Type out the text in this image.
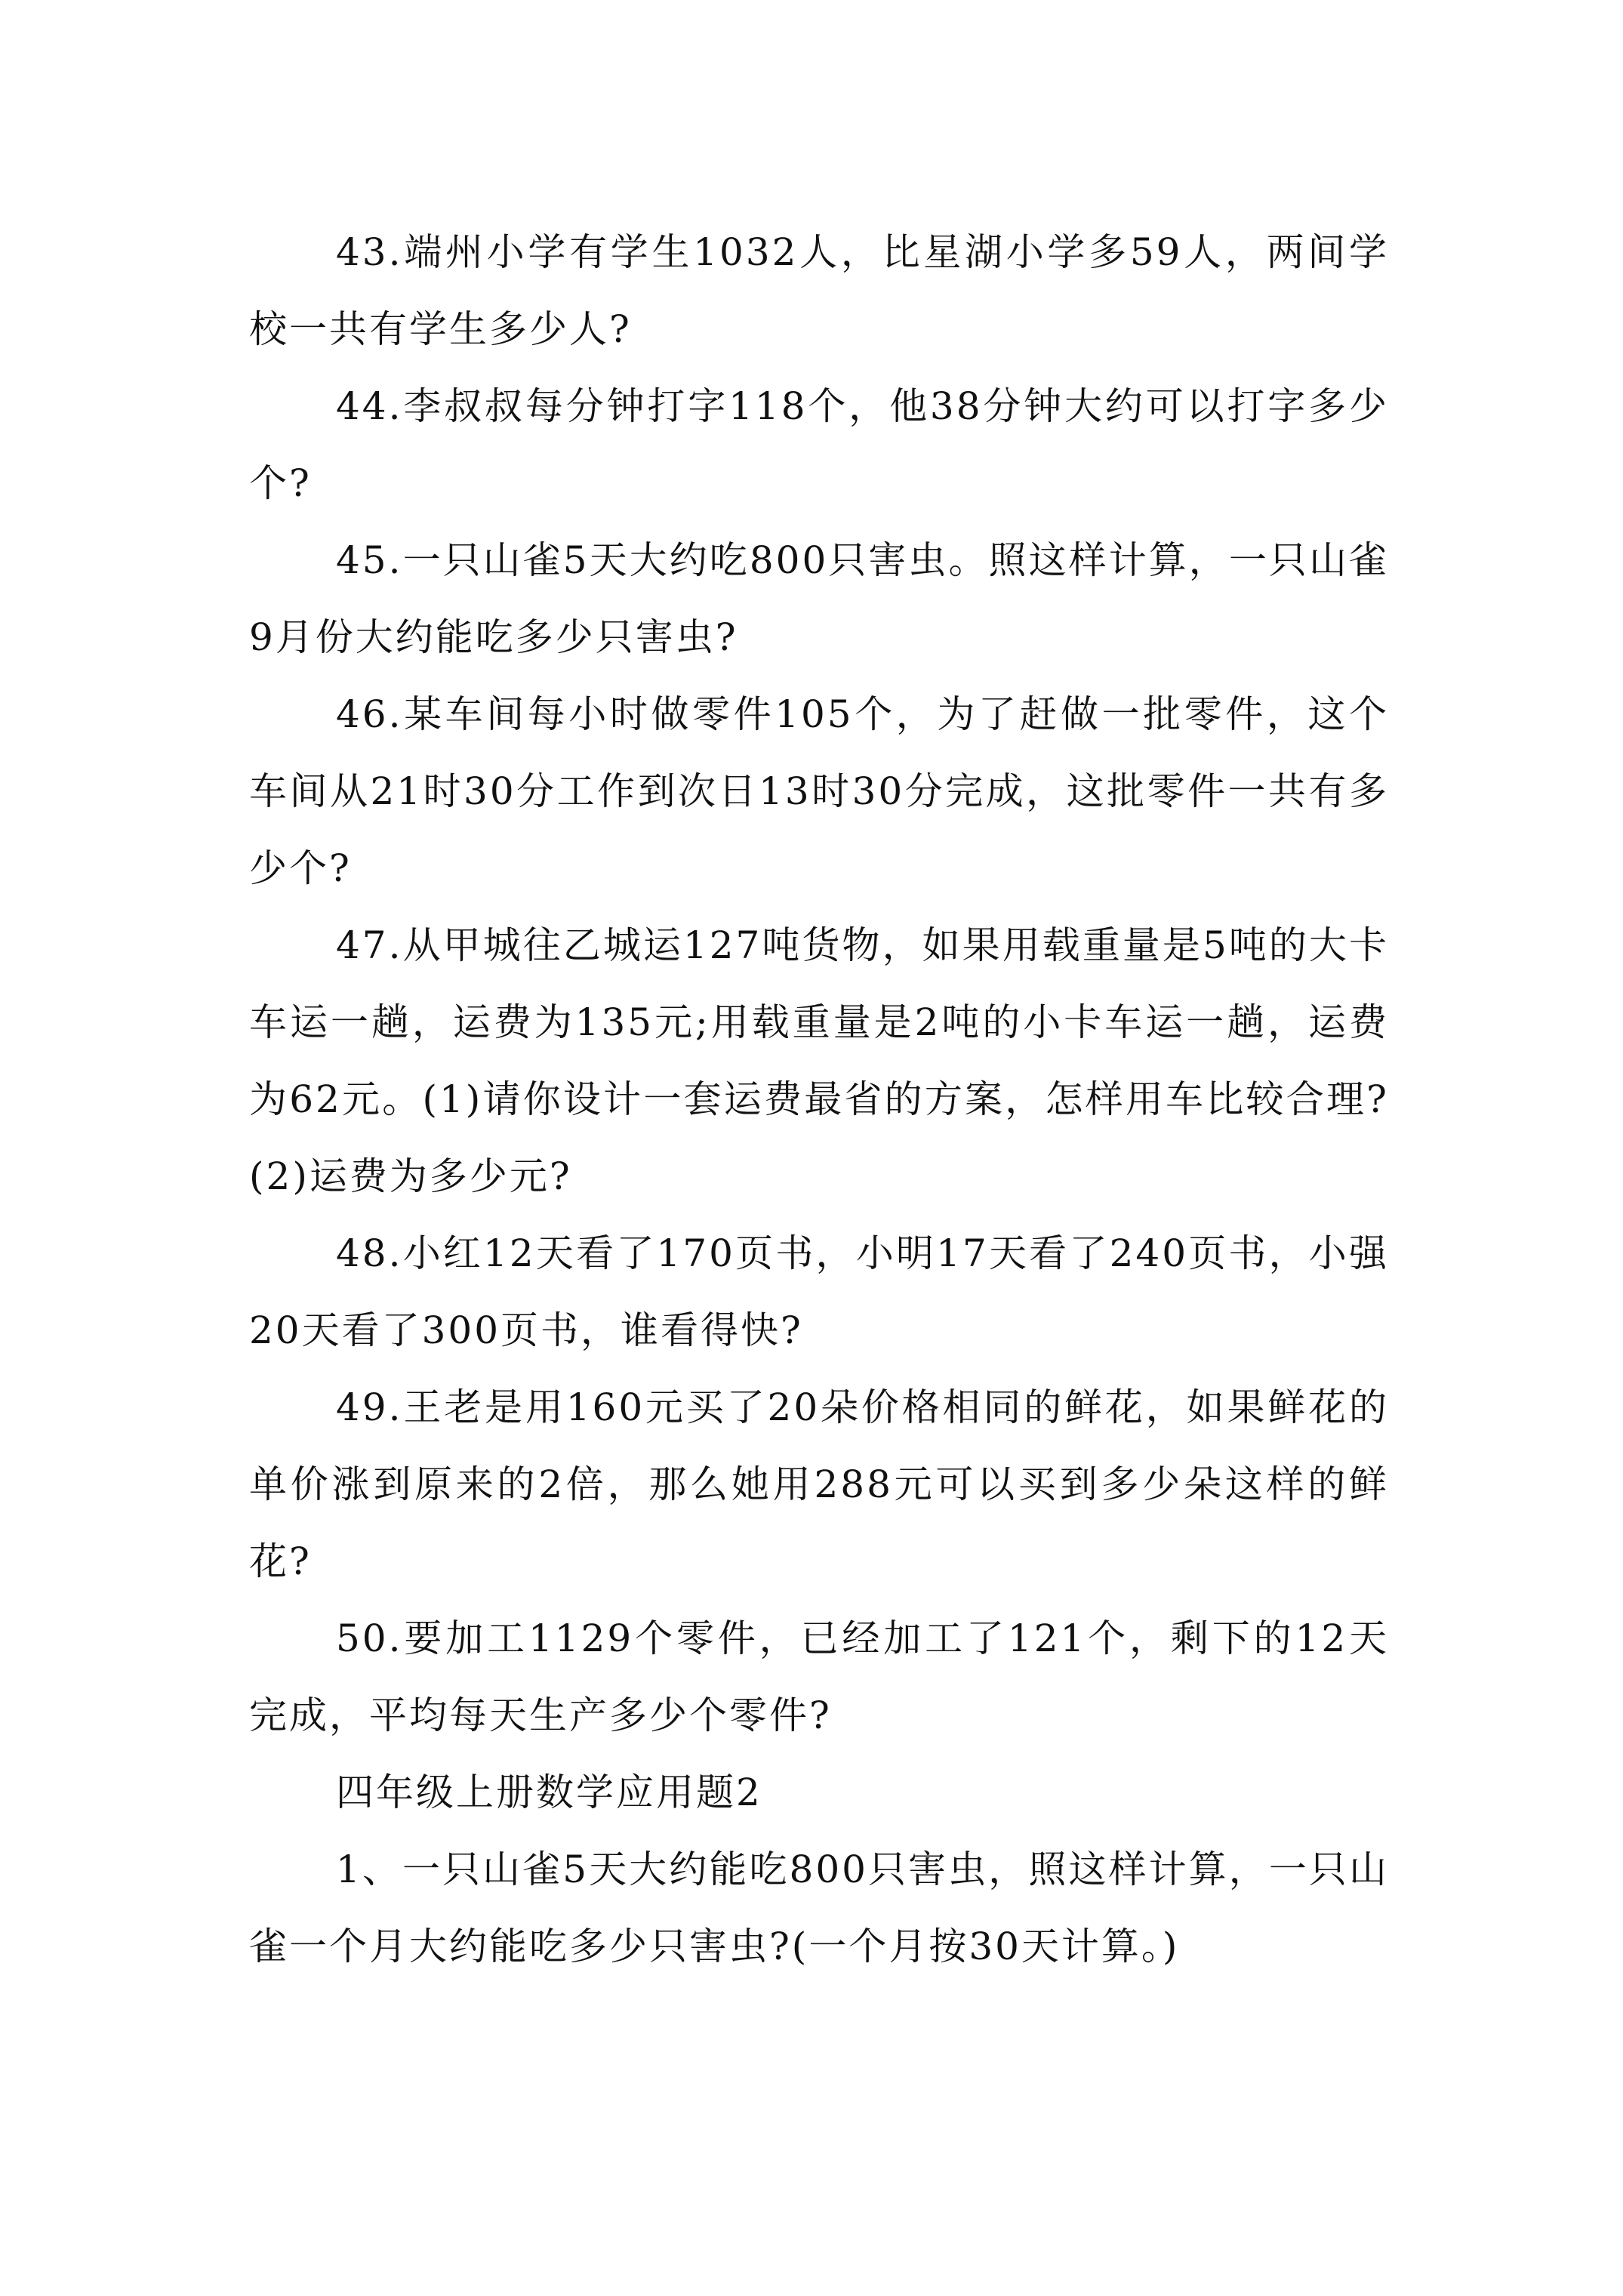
43.端州小学有学生1032人，比星湖小学多59人，两间学校一共有学生多少人?

44.李叔叔每分钟打字118个，他38分钟大约可以打字多少个?

45.一只山雀5天大约吃800只害虫。照这样计算，一只山雀9月份大约能吃多少只害虫?

46.某车间每小时做零件105个，为了赶做一批零件，这个车间从21时30分工作到次日13时30分完成，这批零件一共有多少个?

47.从甲城往乙城运127吨货物，如果用载重量是5吨的大卡车运一趟，运费为135元;用载重量是2吨的小卡车运一趟，运费为62元。(1)请你设计一套运费最省的方案，怎样用车比较合理?(2)运费为多少元?

48.小红12天看了170页书，小明17天看了240页书，小强20天看了300页书，谁看得快?

49.王老是用160元买了20朵价格相同的鲜花，如果鲜花的单价涨到原来的2倍，那么她用288元可以买到多少朵这样的鲜花?

50.要加工1129个零件，已经加工了121个，剩下的12天完成，平均每天生产多少个零件?

四年级上册数学应用题2

1、一只山雀5天大约能吃800只害虫，照这样计算，一只山雀一个月大约能吃多少只害虫?(一个月按30天计算。)
